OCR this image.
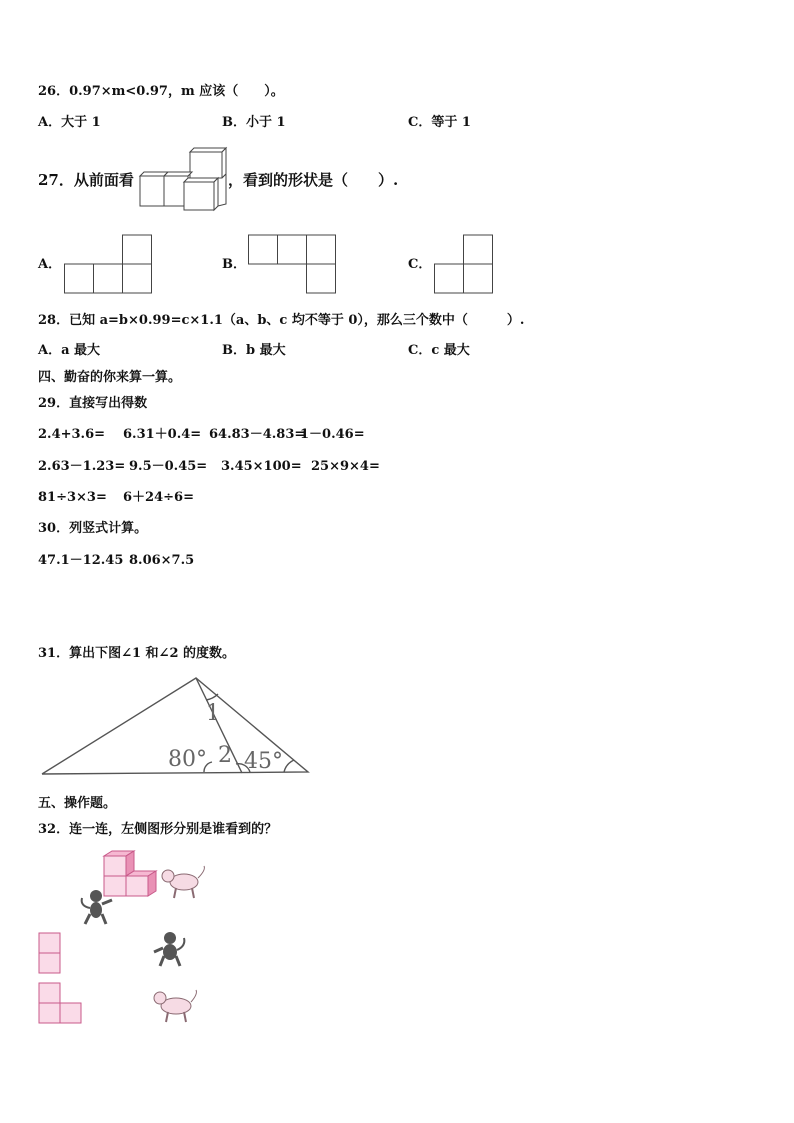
26．0.97×m<0.97，m 应该（　　）。
A．大于 1	B．小于 1	C．等于 1
27．从前面看	，看到的形状是（　　）.
A．	B．	C．
28．已知 a=b×0.99=c×1.1（a、b、c 均不等于 0），那么三个数中（　　　）.
A．a 最大	B．b 最大	C．c 最大
四、勤奋的你来算一算。
29．直接写出得数
2.4+3.6= 6.31＋0.4= 64.83－4.83=
1－0.46=
2.63－1.23= 9.5－0.45= 3.45×100= 25×9×4=
81÷3×3= 6＋24÷6=
30．列竖式计算。
47.1－12.45 8.06×7.5
31．算出下图∠1 和∠2 的度数。
1
2
80° 45°
五、操作题。
32．连一连，左侧图形分别是谁看到的？
